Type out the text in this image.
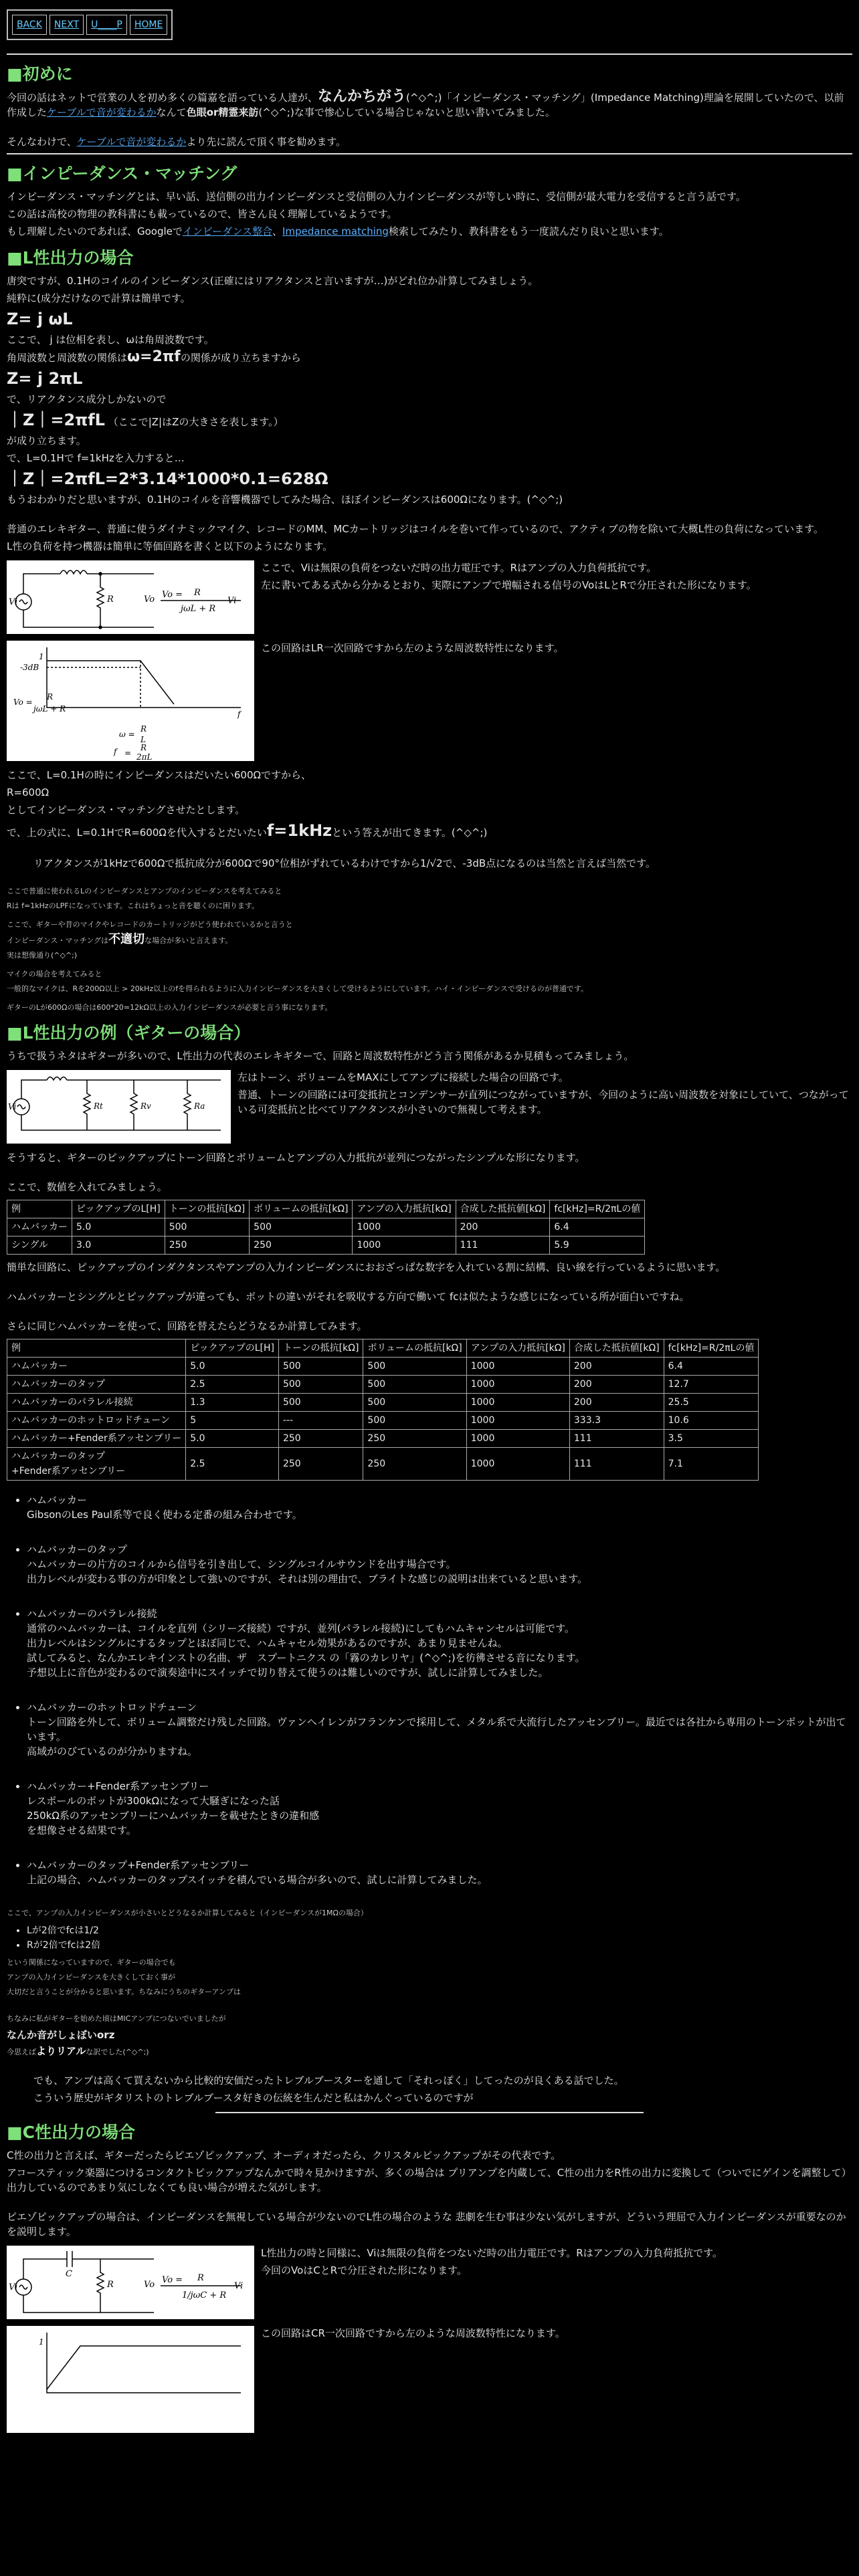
BACK	NEXT	U____P	HOME
■初めに

今回の話はネットで営業の人を初め多くの篇嘉を語っている人達が、なんかちがう(^◇^;)「インピーダンス・マッチング」(Impedance Matching)理論を展開していたので、以前作成したケーブルで音が変わるかなんて色眼or精霊来訪(^◇^;)な事で惨心している場合じゃないと思い書いてみました。

そんなわけで、ケーブルで音が変わるかより先に読んで頂く事を勧めます。

■インピーダンス・マッチング

インピーダンス・マッチングとは、早い話、送信側の出力インピーダンスと受信側の入力インピーダンスが等しい時に、受信側が最大電力を受信すると言う話です。

この話は高校の物理の教科書にも載っているので、皆さん良く理解しているようです。

もし理解したいのであれば、Googleでインピーダンス整合、Impedance matching検索してみたり、教科書をもう一度読んだり良いと思います。

■L性出力の場合

唐突ですが、0.1Hのコイルのインピーダンス(正確にはリアクタンスと言いますが…)がどれ位か計算してみましょう。

純粋に(成分だけなので計算は簡単です。

Z= j ωL

ここで、 j は位相を表し、ωは角周波数です。

角周波数と周波数の関係はω=2πfの関係が成り立ちますから

Z= j 2πL

で、リアクタンス成分しかないので

｜Z｜=2πfL （ここで|Z|はZの大きさを表します。）

が成り立ちます。

で、L=0.1Hで f=1kHzを入力すると…

｜Z｜=2πfL=2*3.14*1000*0.1=628Ω

もうおわかりだと思いますが、0.1Hのコイルを音響機器でしてみた場合、ほぼインピーダンスは600Ωになります。(^◇^;)

普通のエレキギター、普通に使うダイナミックマイク、レコードのMM、MCカートリッジはコイルを巻いて作っているので、アクティブの物を除いて大概L性の負荷になっています。

L性の負荷を持つ機器は簡単に等価回路を書くと以下のようになります。

Vi	R	Vo Vo = R
jωL + R
Vi

ここで、Viは無限の負荷をつないだ時の出力電圧です。Rはアンプの入力負荷抵抗です。

左に書いてある式から分かるとおり、実際にアンプで増幅される信号のVoはLとRで分圧された形になります。

1
-3dB
f
Vo =
R
jωL + R
ω =
R
L
f =
R
2πL

この回路はLR一次回路ですから左のような周波数特性になります。

ここで、L=0.1Hの時にインピーダンスはだいたい600Ωですから、

R=600Ω

としてインピーダンス・マッチングさせたとします。

で、上の式に、L=0.1HでR=600Ωを代入するとだいたいf=1kHzという答えが出てきます。(^◇^;)

リアクタンスが1kHzで600Ωで抵抗成分が600Ωで90°位相がずれているわけですから1/√2で、-3dB点になるのは当然と言えば当然です。

ここで普通に使われるLのインピーダンスとアンプのインピーダンスを考えてみると

Rは f=1kHzのLPFになっています。これはちょっと音を聴くのに困ります。

ここで、ギターや昔のマイクやレコードのカートリッジがどう使われているかと言うと

インピーダンス・マッチングは不適切な場合が多いと言えます。

実は想像通り(^◇^;)

マイクの場合を考えてみると

一般的なマイクは、Rを200Ω以上 > 20kHz以上のfを得られるように入力インピーダンスを大きくして受けるようにしています。ハイ・インピーダンスで受けるのが普通です。

ギターのLが600Ωの場合は600*20=12kΩ以上の入力インピーダンスが必要と言う事になります。

■L性出力の例（ギターの場合）

うちで扱うネタはギターが多いので、L性出力の代表のエレキギターで、回路と周波数特性がどう言う関係があるか見積もってみましょう。

Vi	Rt	Rv	Ra

左はトーン、ボリュームをMAXにしてアンプに接続した場合の回路です。

普通、トーンの回路には可変抵抗とコンデンサーが直列につながっていますが、今回のように高い周波数を対象にしていて、つながっている可変抵抗と比べてリアクタンスが小さいので無視して考えます。

そうすると、ギターのピックアップにトーン回路とボリュームとアンプの入力抵抗が並列につながったシンプルな形になります。

ここで、数値を入れてみましょう。

例	ピックアップのL[H]	トーンの抵抗[kΩ]	ボリュームの抵抗[kΩ]	アンプの入力抵抗[kΩ]	合成した抵抗値[kΩ]	fc[kHz]=R/2πLの値
ハムバッカー	5.0	500	500	1000	200	6.4
シングル	3.0	250	250	1000	111	5.9

簡単な回路に、ピックアップのインダクタンスやアンプの入力インピーダンスにおおざっぱな数字を入れている割に結構、良い線を行っているように思います。

ハムバッカーとシングルとピックアップが違っても、ポットの違いがそれを吸収する方向で働いて fcは似たような感じになっている所が面白いですね。

さらに同じハムバッカーを使って、回路を替えたらどうなるか計算してみます。

例	ピックアップのL[H]	トーンの抵抗[kΩ]	ボリュームの抵抗[kΩ]	アンプの入力抵抗[kΩ]	合成した抵抗値[kΩ]	fc[kHz]=R/2πLの値
ハムバッカー	5.0	500	500	1000	200	6.4
ハムバッカーのタップ	2.5	500	500	1000	200	12.7
ハムバッカーのパラレル接続	1.3	500	500	1000	200	25.5
ハムバッカーのホットロッドチューン	5	---	500	1000	333.3	10.6
ハムバッカー+Fender系アッセンブリー	5.0	250	250	1000	111	3.5
ハムバッカーのタップ
+Fender系アッセンブリー	2.5	250	250	1000	111	7.1
• ハムバッカー
GibsonのLes Paul系等で良く使わる定番の組み合わせです。
• ハムバッカーのタップ
ハムバッカーの片方のコイルから信号を引き出して、シングルコイルサウンドを出す場合です。
出力レベルが変わる事の方が印象として強いのですが、それは別の理由で、ブライトな感じの説明は出来ていると思います。
• ハムバッカーのパラレル接続
通常のハムバッカーは、コイルを直列（シリーズ接続）ですが、並列(パラレル接続)にしてもハムキャンセルは可能です。
出力レベルはシングルにするタップとほぼ同じで、ハムキャセル効果があるのですが、あまり見ませんね。
試してみると、なんかエレキインストの名曲、ザ　スプートニクス の「霧のカレリヤ」(^◇^;)を彷彿させる音になります。
予想以上に音色が変わるので演奏途中にスイッチで切り替えて使うのは難しいのですが、試しに計算してみました。
• ハムバッカーのホットロッドチューン
トーン回路を外して、ボリューム調整だけ残した回路。ヴァンヘイレンがフランケンで採用して、メタル系で大流行したアッセンブリー。最近では各社から専用のトーンポットが出ています。
高域がのびているのが分かりますね。
• ハムバッカー+Fender系アッセンブリー
レスポールのポットが300kΩになって大騒ぎになった話
250kΩ系のアッセンブリーにハムバッカーを載せたときの違和感
を想像させる結果です。
• ハムバッカーのタップ+Fender系アッセンブリー
上記の場合、ハムバッカーのタップスイッチを積んでいる場合が多いので、試しに計算してみました。

ここで、アンプの入力インピーダンスが小さいとどうなるか計算してみると（インピーダンスが1MΩの場合）

• Lが2倍でfcは1/2
• Rが2倍でfcは2倍

という関係になっていますので、ギターの場合でも

アンプの入力インピーダンスを大きくしておく事が

大切だと言うことが分かると思います。ちなみにうちのギターアンプは

ちなみに私がギターを始めた頃はMICアンプにつないでいましたが

なんか音がしょぼいorz

今思えばよりリアルな訳でした(^◇^;)

でも、アンプは高くて買えないから比較的安価だったトレブルブースターを通して「それっぽく」してったのが良くある話でした。

こういう歴史がギタリストのトレブルブースタ好きの伝統を生んだと私はかんぐっているのですが

■C性出力の場合

C性の出力と言えば、ギターだったらピエゾピックアップ、オーディオだったら、クリスタルピックアップがその代表です。

アコースティック楽器につけるコンタクトピックアップなんかで時々見かけますが、多くの場合は プリアンプを内蔵して、C性の出力をR性の出力に変換して（ついでにゲインを調整して）出力しているのであまり気にしなくても良い場合が増えた気がします。

ピエゾピックアップの場合は、インピーダンスを無視している場合が少ないのでL性の場合のような 悲劇を生む事は少ない気がしますが、どういう理屈で入力インピーダンスが重要なのかを説明します。

Vi
C
R	Vo Vo = R
1/jωC + R
Vi

L性出力の時と同様に、Viは無限の負荷をつないだ時の出力電圧です。Rはアンプの入力負荷抵抗です。

今回のVoはCとRで分圧された形になります。

1

この回路はCR一次回路ですから左のような周波数特性になります。
